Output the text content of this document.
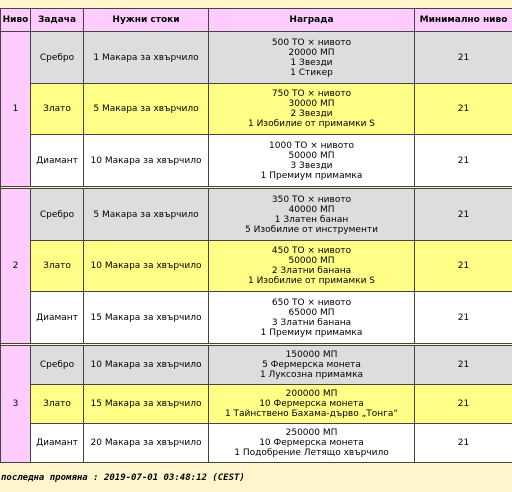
Ниво	Задача	Нужни стоки	Награда	Минимално ниво
1	Сребро	1 Макара за хвърчило	500 ТО × нивото
20000 МП
1 Звезди
1 Стикер	21
	Злато	5 Макара за хвърчило	750 ТО × нивото
30000 МП
2 Звезди
1 Изобилие от примамки S	21
	Диамант	10 Макара за хвърчило	1000 ТО × нивото
50000 МП
3 Звезди
1 Премиум примамка	21

2	Сребро	5 Макара за хвърчило	350 ТО × нивото
40000 МП
1 Златен банан
5 Изобилие от инструменти	21
	Злато	10 Макара за хвърчило	450 ТО × нивото
50000 МП
2 Златни банана
1 Изобилие от примамки S	21
	Диамант	15 Макара за хвърчило	650 ТО × нивото
65000 МП
3 Златни банана
1 Премиум примамка	21

3	Сребро	10 Макара за хвърчило	150000 МП
5 Фермерска монета
1 Луксозна примамка	21
	Злато	15 Макара за хвърчило	200000 МП
10 Фермерска монета
1 Тайнствено Бахама-дърво „Тонга“	21
	Диамант	20 Макара за хвърчило	250000 МП
10 Фермерска монета
1 Подобрение Летящо хвърчило	21
последна промяна : 2019-07-01 03:48:12 (CEST)
